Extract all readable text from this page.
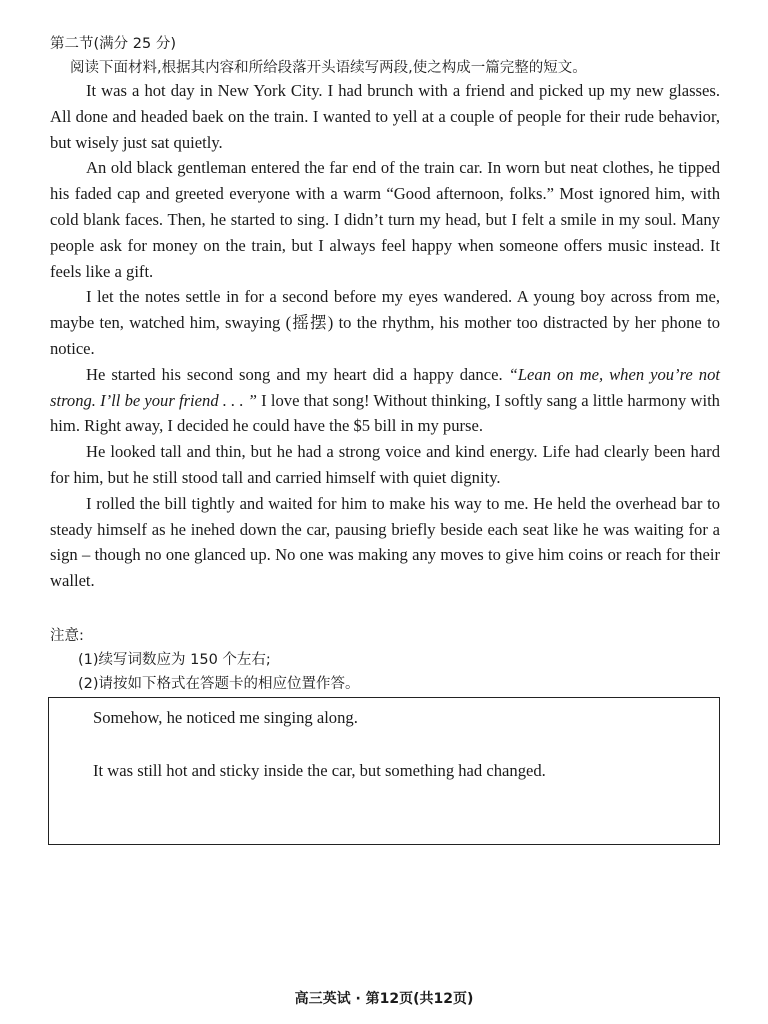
第二节(满分 25 分)
阅读下面材料,根据其内容和所给段落开头语续写两段,使之构成一篇完整的短文。

It was a hot day in New York City. I had brunch with a friend and picked up my new glasses. All done and headed baek on the train. I wanted to yell at a couple of people for their rude behavior, but wisely just sat quietly.

An old black gentleman entered the far end of the train car. In worn but neat clothes, he tipped his faded cap and greeted everyone with a warm “Good afternoon, folks.” Most ignored him, with cold blank faces. Then, he started to sing. I didn’t turn my head, but I felt a smile in my soul. Many people ask for money on the train, but I always feel happy when someone offers music instead. It feels like a gift.

I let the notes settle in for a second before my eyes wandered. A young boy across from me, maybe ten, watched him, swaying (摇摆) to the rhythm, his mother too distracted by her phone to notice.

He started his second song and my heart did a happy dance. “Lean on me, when you’re not strong. I’ll be your friend . . . ” I love that song! Without thinking, I softly sang a little harmony with him. Right away, I decided he could have the $5 bill in my purse.

He looked tall and thin, but he had a strong voice and kind energy. Life had clearly been hard for him, but he still stood tall and carried himself with quiet dignity.

I rolled the bill tightly and waited for him to make his way to me. He held the overhead bar to steady himself as he inehed down the car, pausing briefly beside each seat like he was waiting for a sign – though no one glanced up. No one was making any moves to give him coins or reach for their wallet.

注意:
(1)续写词数应为 150 个左右;
(2)请按如下格式在答题卡的相应位置作答。
Somehow, he noticed me singing along.
It was still hot and sticky inside the car, but something had changed.
高三英试 · 第12页(共12页)
